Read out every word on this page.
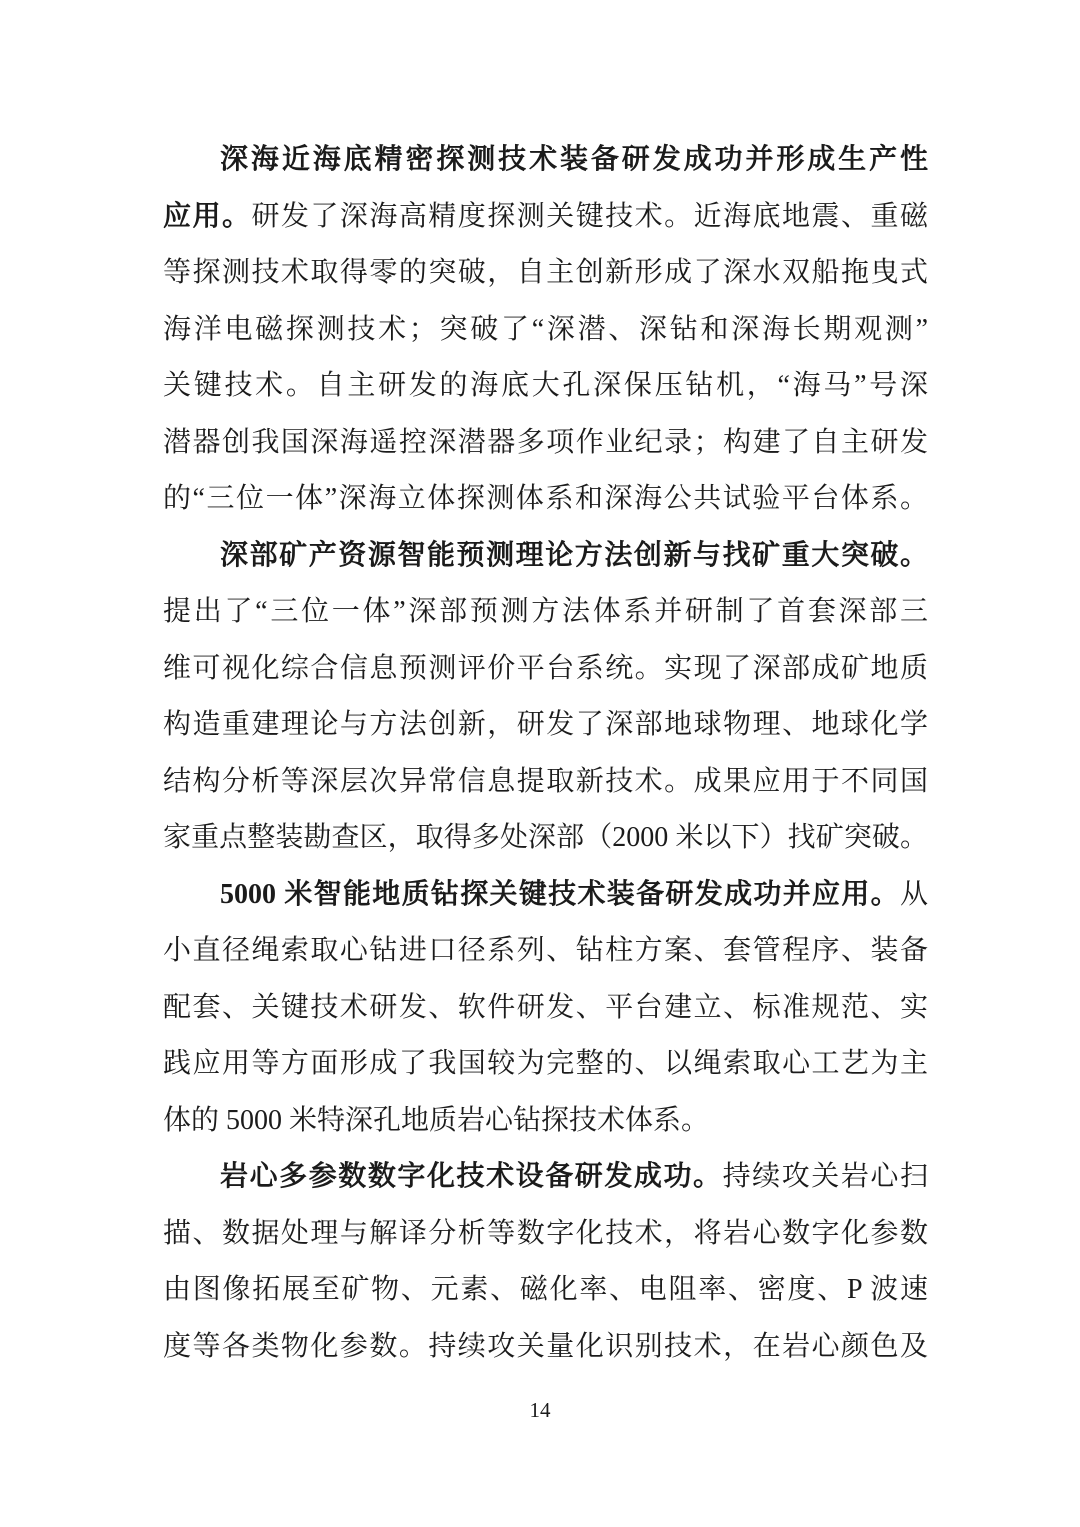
深海近海底精密探测技术装备研发成功并形成生产性
应用。研发了深海高精度探测关键技术。近海底地震、重磁
等探测技术取得零的突破，自主创新形成了深水双船拖曳式
海洋电磁探测技术；突破了“深潜、深钻和深海长期观测”
关键技术。自主研发的海底大孔深保压钻机，“海马”号深
潜器创我国深海遥控深潜器多项作业纪录；构建了自主研发
的“三位一体”深海立体探测体系和深海公共试验平台体系。
深部矿产资源智能预测理论方法创新与找矿重大突破。
提出了“三位一体”深部预测方法体系并研制了首套深部三
维可视化综合信息预测评价平台系统。实现了深部成矿地质
构造重建理论与方法创新，研发了深部地球物理、地球化学
结构分析等深层次异常信息提取新技术。成果应用于不同国
家重点整装勘查区，取得多处深部（2000 米以下）找矿突破。
5000 米智能地质钻探关键技术装备研发成功并应用。从
小直径绳索取心钻进口径系列、钻柱方案、套管程序、装备
配套、关键技术研发、软件研发、平台建立、标准规范、实
践应用等方面形成了我国较为完整的、以绳索取心工艺为主
体的 5000 米特深孔地质岩心钻探技术体系。
岩心多参数数字化技术设备研发成功。持续攻关岩心扫
描、数据处理与解译分析等数字化技术，将岩心数字化参数
由图像拓展至矿物、元素、磁化率、电阻率、密度、P 波速
度等各类物化参数。持续攻关量化识别技术，在岩心颜色及
14
